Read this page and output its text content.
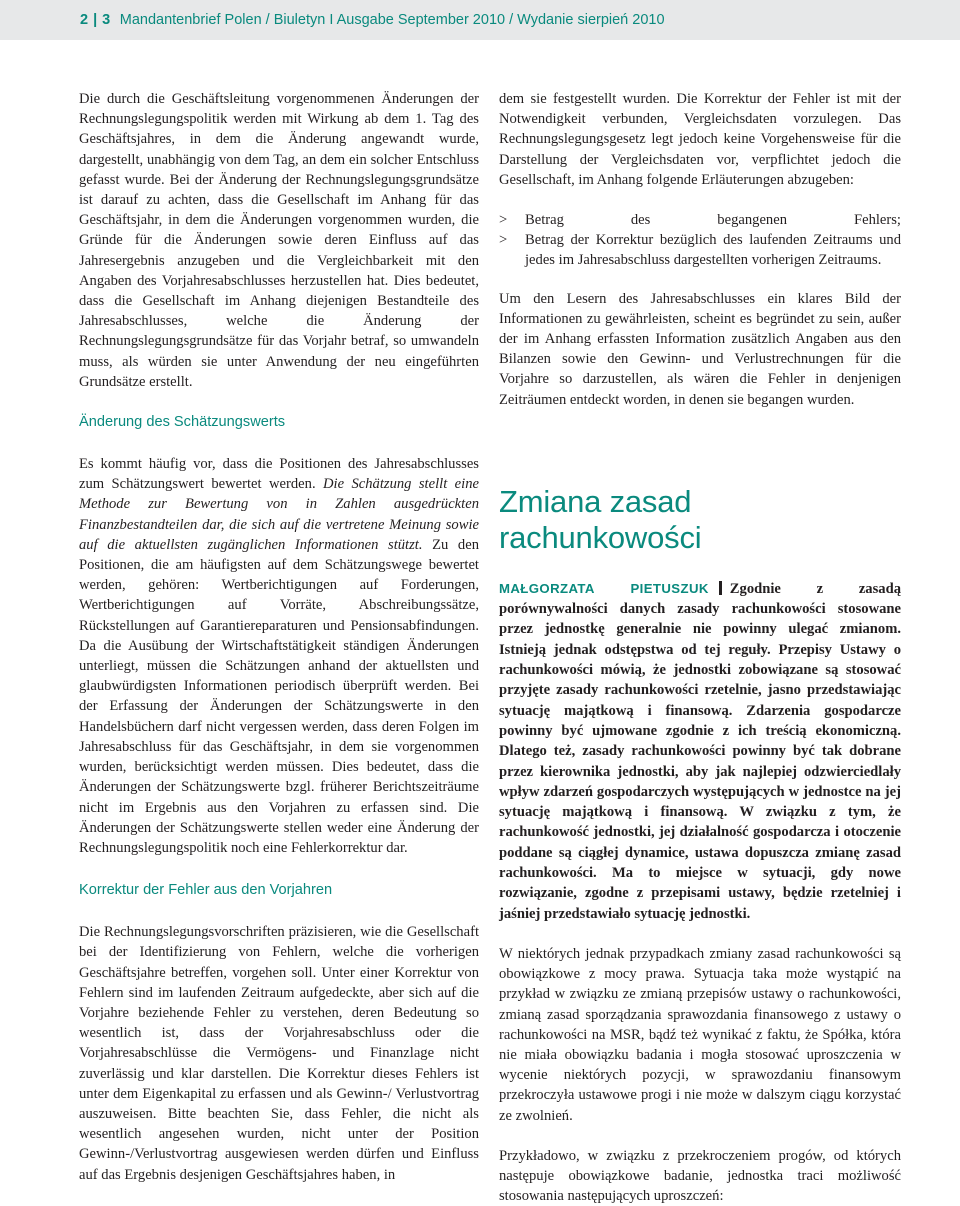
2 | 3 Mandantenbrief Polen / Biuletyn I Ausgabe September 2010 / Wydanie sierpień 2010

Die durch die Geschäftsleitung vorgenommenen Änderungen der Rechnungslegungspolitik werden mit Wirkung ab dem 1. Tag des Geschäftsjahres, in dem die Änderung angewandt wurde, dargestellt, unabhängig von dem Tag, an dem ein solcher Entschluss gefasst wurde. Bei der Änderung der Rechnungslegungsgrundsätze ist darauf zu achten, dass die Gesellschaft im Anhang für das Geschäftsjahr, in dem die Änderungen vorgenommen wurden, die Gründe für die Änderungen sowie deren Einfluss auf das Jahresergebnis anzugeben und die Vergleichbarkeit mit den Angaben des Vorjahresabschlusses herzustellen hat. Dies bedeutet, dass die Gesellschaft im Anhang diejenigen Bestandteile des Jahresabschlusses, welche die Änderung der Rechnungslegungsgrundsätze für das Vorjahr betraf, so umwandeln muss, als würden sie unter Anwendung der neu eingeführten Grundsätze erstellt.

Änderung des Schätzungswerts

Es kommt häufig vor, dass die Positionen des Jahresabschlusses zum Schätzungswert bewertet werden. Die Schätzung stellt eine Methode zur Bewertung von in Zahlen ausgedrückten Finanzbestandteilen dar, die sich auf die vertretene Meinung sowie auf die aktuellsten zugänglichen Informationen stützt. Zu den Positionen, die am häufigsten auf dem Schätzungswege bewertet werden, gehören: Wertberichtigungen auf Forderungen, Wertberichtigungen auf Vorräte, Abschreibungssätze, Rückstellungen auf Garantiereparaturen und Pensionsabfindungen. Da die Ausübung der Wirtschaftstätigkeit ständigen Änderungen unterliegt, müssen die Schätzungen anhand der aktuellsten und glaubwürdigsten Informationen periodisch überprüft werden. Bei der Erfassung der Änderungen der Schätzungswerte in den Handelsbüchern darf nicht vergessen werden, dass deren Folgen im Jahresabschluss für das Geschäftsjahr, in dem sie vorgenommen wurden, berücksichtigt werden müssen. Dies bedeutet, dass die Änderungen der Schätzungswerte bzgl. früherer Berichtszeiträume nicht im Ergebnis aus den Vorjahren zu erfassen sind. Die Änderungen der Schätzungswerte stellen weder eine Änderung der Rechnungslegungspolitik noch eine Fehlerkorrektur dar.

Korrektur der Fehler aus den Vorjahren

Die Rechnungslegungsvorschriften präzisieren, wie die Gesellschaft bei der Identifizierung von Fehlern, welche die vorherigen Geschäftsjahre betreffen, vorgehen soll. Unter einer Korrektur von Fehlern sind im laufenden Zeitraum aufgedeckte, aber sich auf die Vorjahre beziehende Fehler zu verstehen, deren Bedeutung so wesentlich ist, dass der Vorjahresabschluss oder die Vorjahresabschlüsse die Vermögens- und Finanzlage nicht zuverlässig und klar darstellen. Die Korrektur dieses Fehlers ist unter dem Eigenkapital zu erfassen und als Gewinn-/ Verlustvortrag auszuweisen. Bitte beachten Sie, dass Fehler, die nicht als wesentlich angesehen wurden, nicht unter der Position Gewinn-/Verlustvortrag ausgewiesen werden dürfen und Einfluss auf das Ergebnis desjenigen Geschäftsjahres haben, in

dem sie festgestellt wurden. Die Korrektur der Fehler ist mit der Notwendigkeit verbunden, Vergleichsdaten vorzulegen. Das Rechnungslegungsgesetz legt jedoch keine Vorgehensweise für die Darstellung der Vergleichsdaten vor, verpflichtet jedoch die Gesellschaft, im Anhang folgende Erläuterungen abzugeben:

>	Betrag des begangenen Fehlers;
>	Betrag der Korrektur bezüglich des laufenden Zeitraums und jedes im Jahresabschluss dargestellten vorherigen Zeitraums.

Um den Lesern des Jahresabschlusses ein klares Bild der Informationen zu gewährleisten, scheint es begründet zu sein, außer der im Anhang erfassten Information zusätzlich Angaben aus den Bilanzen sowie den Gewinn- und Verlustrechnungen für die Vorjahre so darzustellen, als wären die Fehler in denjenigen Zeiträumen entdeckt worden, in denen sie begangen wurden.

Zmiana zasad rachunkowości

MAŁGORZATA PIETUSZUK Zgodnie z zasadą porównywalności danych zasady rachunkowości stosowane przez jednostkę generalnie nie powinny ulegać zmianom. Istnieją jednak odstępstwa od tej reguły. Przepisy Ustawy o rachunkowości mówią, że jednostki zobowiązane są stosować przyjęte zasady rachunkowości rzetelnie, jasno przedstawiając sytuację majątkową i finansową. Zdarzenia gospodarcze powinny być ujmowane zgodnie z ich treścią ekonomiczną. Dlatego też, zasady rachunkowości powinny być tak dobrane przez kierownika jednostki, aby jak najlepiej odzwierciedlały wpływ zdarzeń gospodarczych występujących w jednostce na jej sytuację majątkową i finansową. W związku z tym, że rachunkowość jednostki, jej działalność gospodarcza i otoczenie poddane są ciągłej dynamice, ustawa dopuszcza zmianę zasad rachunkowości. Ma to miejsce w sytuacji, gdy nowe rozwiązanie, zgodne z przepisami ustawy, będzie rzetelniej i jaśniej przedstawiało sytuację jednostki.

W niektórych jednak przypadkach zmiany zasad rachunkowości są obowiązkowe z mocy prawa. Sytuacja taka może wystąpić na przykład w związku ze zmianą przepisów ustawy o rachunkowości, zmianą zasad sporządzania sprawozdania finansowego z ustawy o rachunkowości na MSR, bądź też wynikać z faktu, że Spółka, która nie miała obowiązku badania i mogła stosować uproszczenia w wycenie niektórych pozycji, w sprawozdaniu finansowym przekroczyła ustawowe progi i nie może w dalszym ciągu korzystać ze zwolnień.

Przykładowo, w związku z przekroczeniem progów, od których następuje obowiązkowe badanie, jednostka traci możliwość stosowania następujących uproszczeń:
